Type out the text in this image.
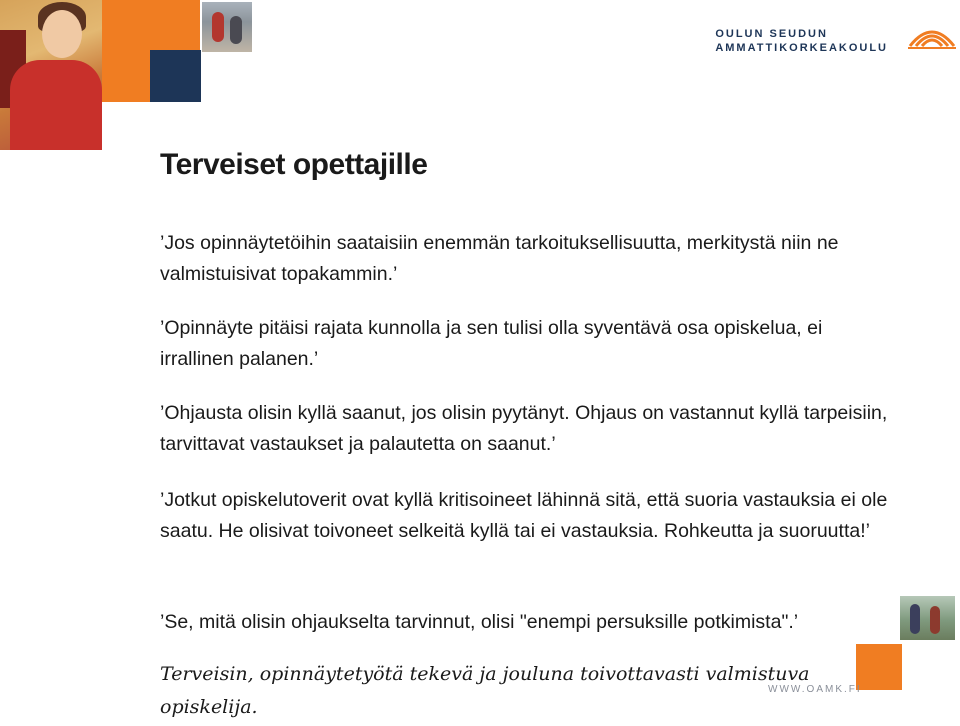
OULUN SEUDUN
AMMATTIKORKEAKOULU
Terveiset opettajille
’Jos opinnäytetöihin saataisiin enemmän tarkoituksellisuutta, merkitystä niin ne valmistuisivat topakammin.’
’Opinnäyte pitäisi rajata kunnolla ja sen tulisi olla syventävä osa opiskelua, ei irrallinen palanen.’
’Ohjausta olisin kyllä saanut, jos olisin pyytänyt. Ohjaus on vastannut kyllä tarpeisiin, tarvittavat vastaukset ja palautetta on saanut.’
’Jotkut opiskelutoverit ovat kyllä kritisoineet lähinnä sitä, että suoria vastauksia ei ole saatu. He olisivat toivoneet selkeitä kyllä tai ei vastauksia. Rohkeutta ja suoruutta!’
’Se, mitä olisin ohjaukselta tarvinnut, olisi "enempi persuksille potkimista".’
WWW.OAMK.FI
Terveisin, opinnäytetyötä tekevä ja jouluna toivottavasti valmistuva opiskelija.
